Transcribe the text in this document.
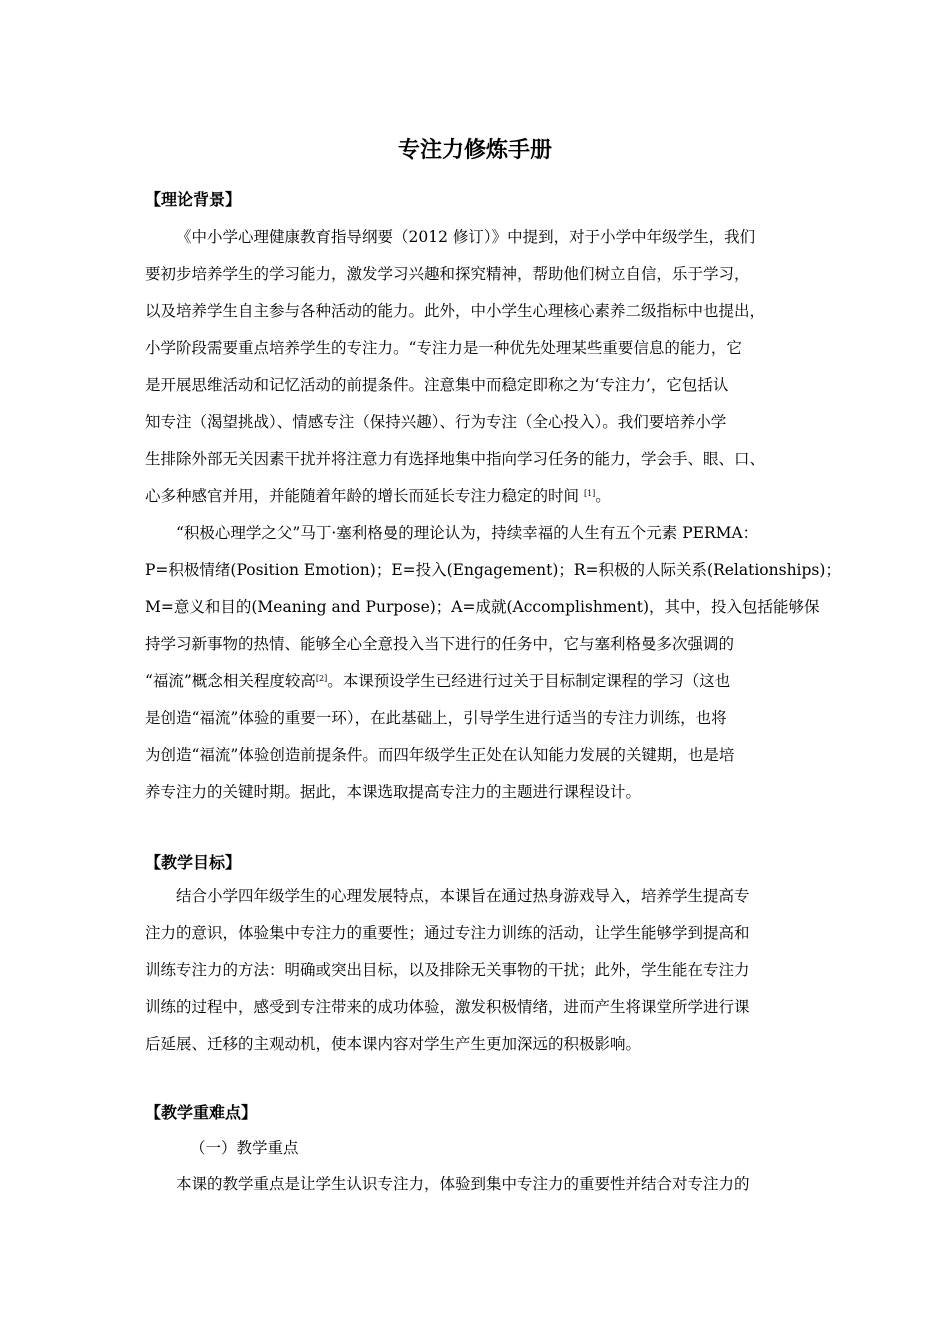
专注力修炼手册
【理论背景】
《中小学心理健康教育指导纲要（2012 修订）》中提到，对于小学中年级学生，我们
要初步培养学生的学习能力，激发学习兴趣和探究精神，帮助他们树立自信，乐于学习，
以及培养学生自主参与各种活动的能力。此外，中小学生心理核心素养二级指标中也提出，
小学阶段需要重点培养学生的专注力。“专注力是一种优先处理某些重要信息的能力，它
是开展思维活动和记忆活动的前提条件。注意集中而稳定即称之为‘专注力’，它包括认
知专注（渴望挑战）、情感专注（保持兴趣）、行为专注（全心投入）。我们要培养小学
生排除外部无关因素干扰并将注意力有选择地集中指向学习任务的能力，学会手、眼、口、
心多种感官并用，并能随着年龄的增长而延长专注力稳定的时间 [1]。
“积极心理学之父”马丁·塞利格曼的理论认为，持续幸福的人生有五个元素 PERMA：
P=积极情绪(Position Emotion)；E=投入(Engagement)；R=积极的人际关系(Relationships)；
M=意义和目的(Meaning and Purpose)；A=成就(Accomplishment)，其中，投入包括能够保
持学习新事物的热情、能够全心全意投入当下进行的任务中，它与塞利格曼多次强调的
“福流”概念相关程度较高[2]。本课预设学生已经进行过关于目标制定课程的学习（这也
是创造“福流”体验的重要一环），在此基础上，引导学生进行适当的专注力训练，也将
为创造“福流”体验创造前提条件。而四年级学生正处在认知能力发展的关键期，也是培
养专注力的关键时期。据此，本课选取提高专注力的主题进行课程设计。
【教学目标】
结合小学四年级学生的心理发展特点，本课旨在通过热身游戏导入，培养学生提高专
注力的意识，体验集中专注力的重要性；通过专注力训练的活动，让学生能够学到提高和
训练专注力的方法：明确或突出目标，以及排除无关事物的干扰；此外，学生能在专注力
训练的过程中，感受到专注带来的成功体验，激发积极情绪，进而产生将课堂所学进行课
后延展、迁移的主观动机，使本课内容对学生产生更加深远的积极影响。
【教学重难点】
（一）教学重点
本课的教学重点是让学生认识专注力，体验到集中专注力的重要性并结合对专注力的
